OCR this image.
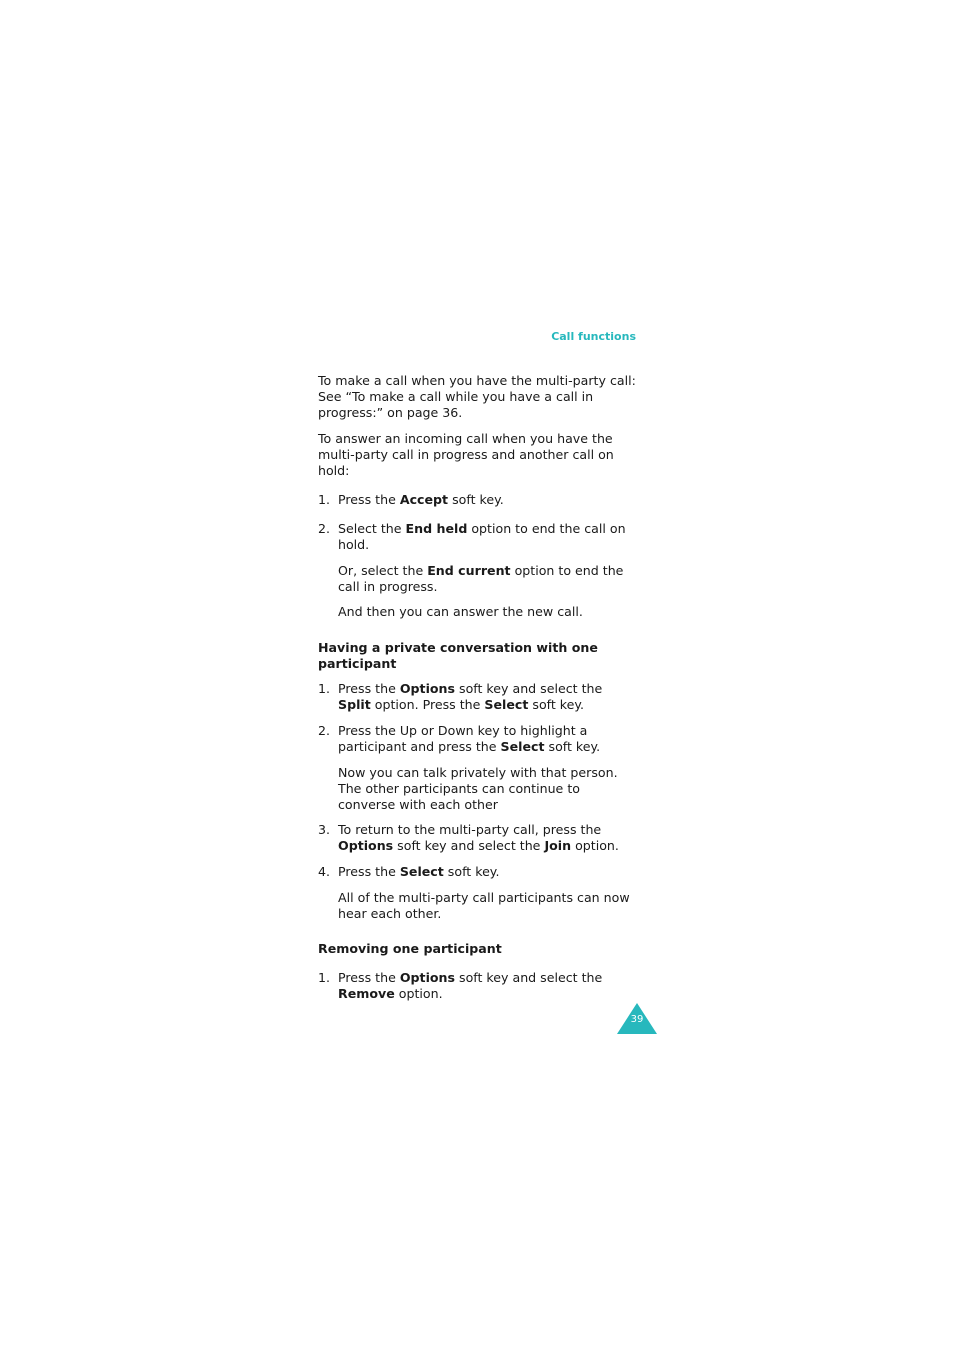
Call functions
To make a call when you have the multi-party call: See “To make a call while you have a call in progress:” on page 36.
To answer an incoming call when you have the multi-party call in progress and another call on hold:
1. Press the Accept soft key.
2. Select the End held option to end the call on hold.
Or, select the End current option to end the call in progress.
And then you can answer the new call.
Having a private conversation with one participant
1. Press the Options soft key and select the Split option. Press the Select soft key.
2. Press the Up or Down key to highlight a participant and press the Select soft key.
Now you can talk privately with that person. The other participants can continue to converse with each other
3. To return to the multi-party call, press the Options soft key and select the Join option.
4. Press the Select soft key.
All of the multi-party call participants can now hear each other.
Removing one participant
1. Press the Options soft key and select the Remove option.
39
